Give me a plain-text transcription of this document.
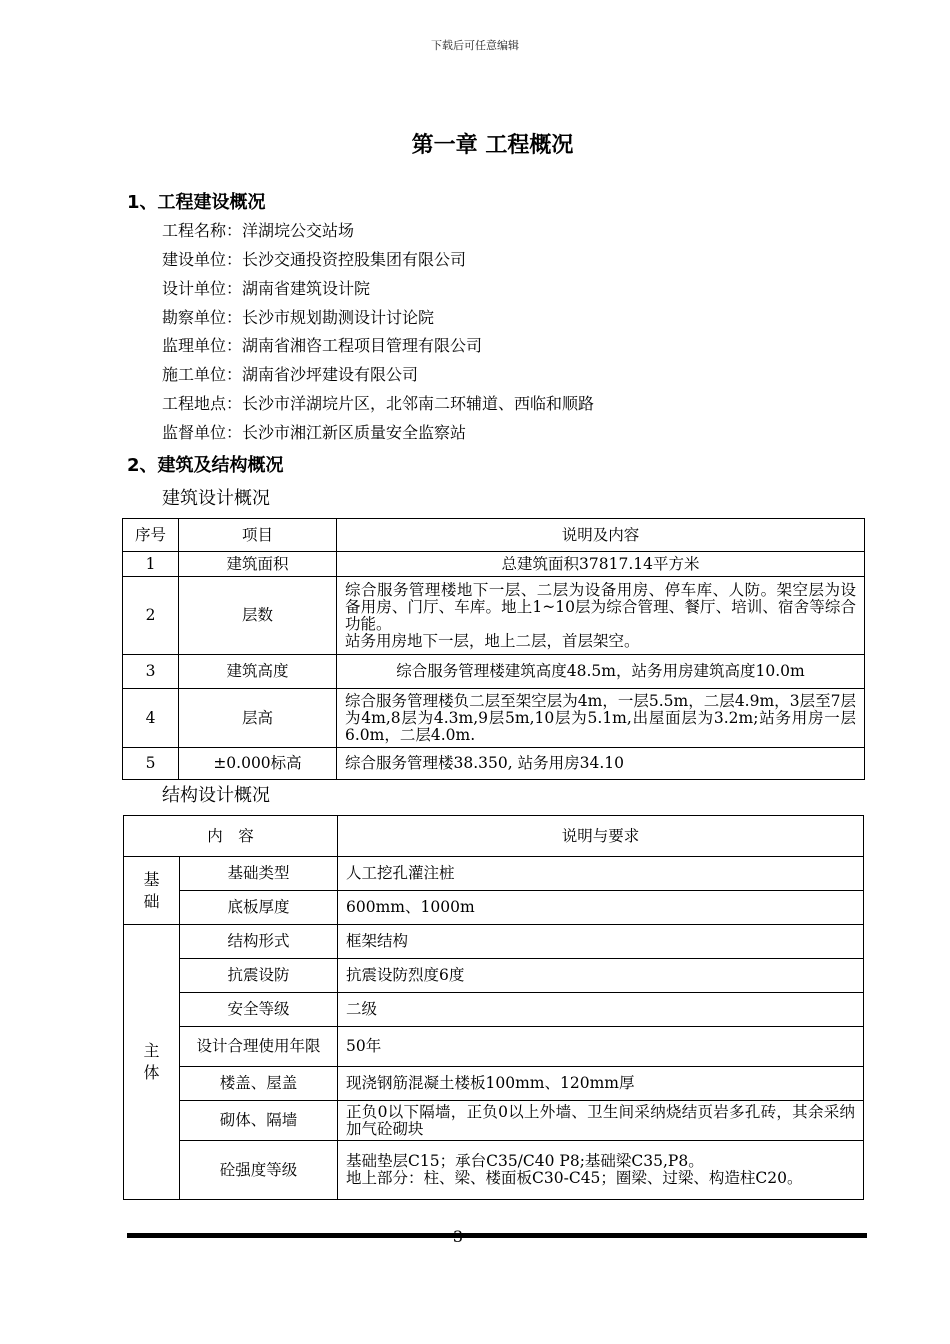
下载后可任意编辑
第一章 工程概况
1、工程建设概况
工程名称：洋湖垸公交站场
建设单位：长沙交通投资控股集团有限公司
设计单位：湖南省建筑设计院
勘察单位：长沙市规划勘测设计讨论院
监理单位：湖南省湘咨工程项目管理有限公司
施工单位：湖南省沙坪建设有限公司
工程地点：长沙市洋湖垸片区，北邻南二环辅道、西临和顺路
监督单位：长沙市湘江新区质量安全监察站
2、建筑及结构概况
建筑设计概况
序号	项目	说明及内容
1	建筑面积	总建筑面积37817.14平方米
2	层数	综合服务管理楼地下一层、二层为设备用房、停车库、人防。架空层为设备用房、门厅、车库。地上1~10层为综合管理、餐厅、培训、宿舍等综合功能。
站务用房地下一层，地上二层，首层架空。

3	建筑高度	综合服务管理楼建筑高度48.5m，站务用房建筑高度10.0m
4	层高	综合服务管理楼负二层至架空层为4m，一层5.5m，二层4.9m，3层至7层为4m,8层为4.3m,9层5m,10层为5.1m,出屋面层为3.2m;站务用房一层6.0m，二层4.0m.
5	±0.000标高	综合服务管理楼38.350, 站务用房34.10
结构设计概况
内　容		说明与要求

基础	基础类型	人工挖孔灌注桩
	底板厚度	600mm、1000m

主体	结构形式	框架结构
	抗震设防	抗震设防烈度6度
	安全等级	二级
	设计合理使用年限	50年
	楼盖、屋盖	现浇钢筋混凝土楼板100mm、120mm厚
	砌体、隔墙	正负0以下隔墙，正负0以上外墙、卫生间采纳烧结页岩多孔砖，其余采纳加气砼砌块
	砼强度等级	基础垫层C15；承台C35/C40 P8;基础梁C35,P8。
地上部分：柱、梁、楼面板C30-C45；圈梁、过梁、构造柱C20。
3
